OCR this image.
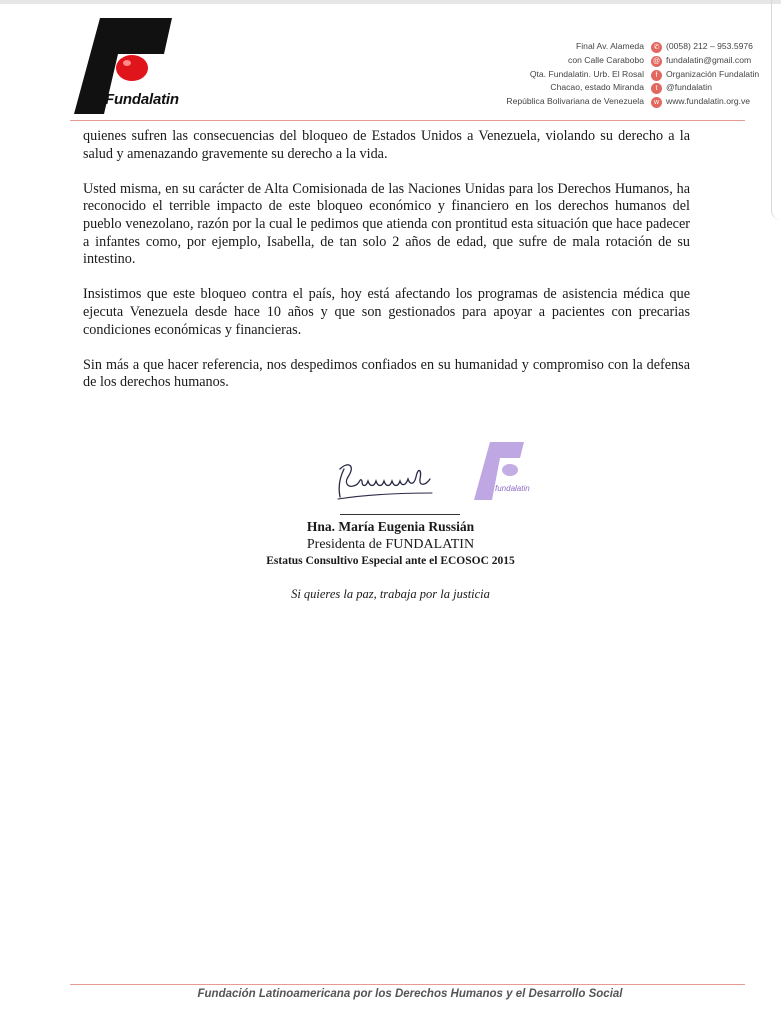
Fundalatin
Final Av. Alameda	✆ (0058) 212 – 953.5976
con Calle Carabobo @ fundalatin@gmail.com
Qta. Fundalatin. Urb. El Rosal	f Organización Fundalatin
Chacao, estado Miranda	t @fundalatin
República Bolivariana de Venezuela	w www.fundalatin.org.ve

quienes sufren las consecuencias del bloqueo de Estados Unidos a Venezuela, violando su derecho a la salud y amenazando gravemente su derecho a la vida.

Usted misma, en su carácter de Alta Comisionada de las Naciones Unidas para los Derechos Humanos, ha reconocido el terrible impacto de este bloqueo económico y financiero en los derechos humanos del pueblo venezolano, razón por la cual le pedimos que atienda con prontitud esta situación que hace padecer a infantes como, por ejemplo, Isabella, de tan solo 2 años de edad, que sufre de mala rotación de su intestino.

Insistimos que este bloqueo contra el país, hoy está afectando los programas de asistencia médica que ejecuta Venezuela desde hace 10 años y que son gestionados para apoyar a pacientes con precarias condiciones económicas y financieras.

Sin más a que hacer referencia, nos despedimos confiados en su humanidad y compromiso con la defensa de los derechos humanos.

fundalatin
Hna. María Eugenia Russián
Presidenta de FUNDALATIN
Estatus Consultivo Especial ante el ECOSOC 2015
Si quieres la paz, trabaja por la justicia
Fundación Latinoamericana por los Derechos Humanos y el Desarrollo Social
